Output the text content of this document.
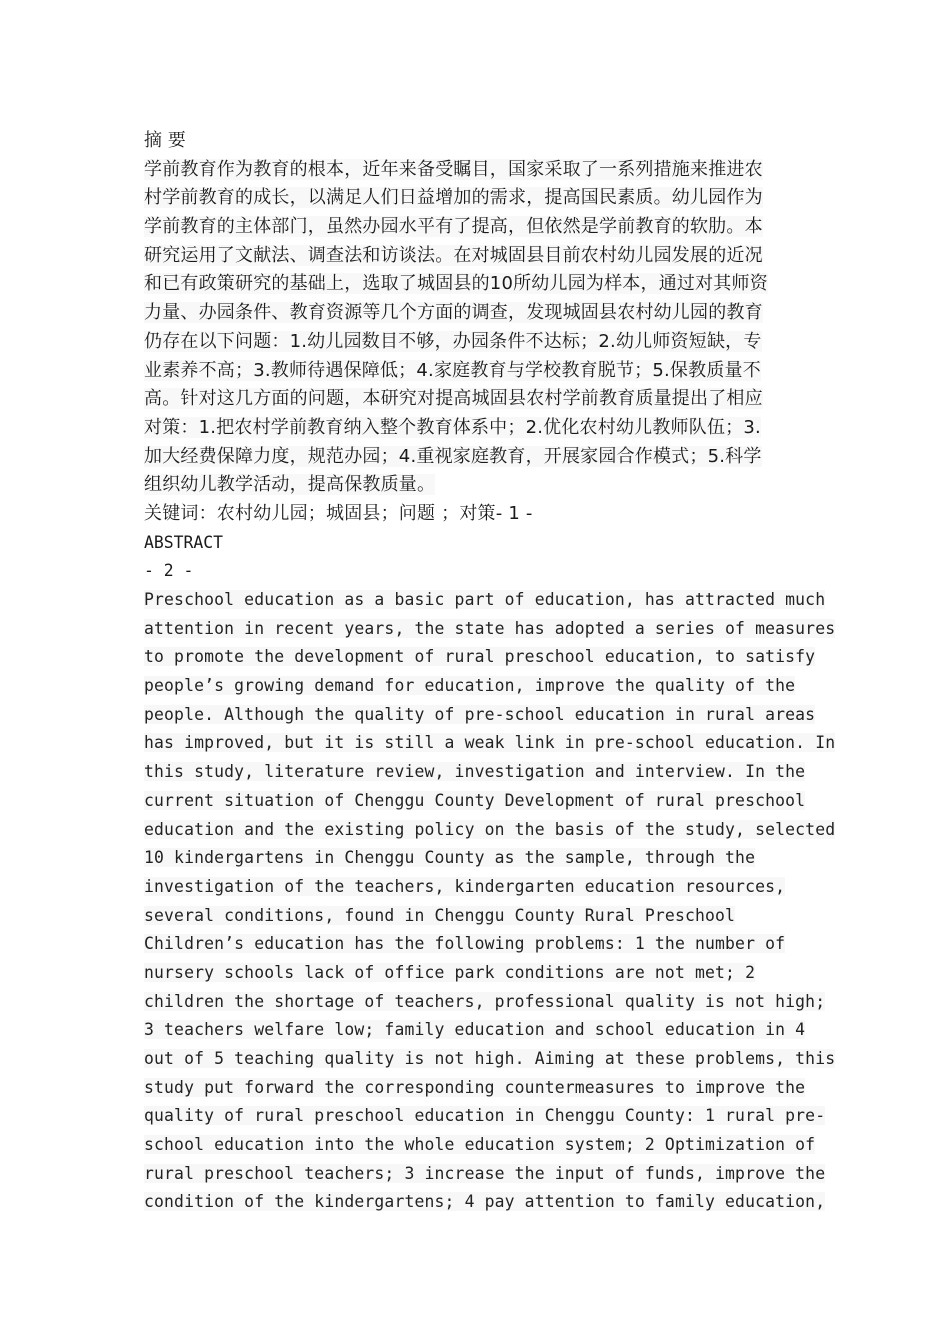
摘 要
学前教育作为教育的根本，近年来备受瞩目，国家采取了一系列措施来推进农
村学前教育的成长，以满足人们日益增加的需求，提高国民素质。幼儿园作为
学前教育的主体部门，虽然办园水平有了提高，但依然是学前教育的软肋。本
研究运用了文献法、调查法和访谈法。在对城固县目前农村幼儿园发展的近况
和已有政策研究的基础上，选取了城固县的10所幼儿园为样本，通过对其师资
力量、办园条件、教育资源等几个方面的调查，发现城固县农村幼儿园的教育
仍存在以下问题：1.幼儿园数目不够，办园条件不达标；2.幼儿师资短缺，专
业素养不高；3.教师待遇保障低；4.家庭教育与学校教育脱节；5.保教质量不
高。针对这几方面的问题，本研究对提高城固县农村学前教育质量提出了相应
对策：1.把农村学前教育纳入整个教育体系中；2.优化农村幼儿教师队伍；3.
加大经费保障力度，规范办园；4.重视家庭教育，开展家园合作模式；5.科学
组织幼儿教学活动，提高保教质量。
关键词：农村幼儿园；城固县；问题 ；对策- 1 -
ABSTRACT
- 2 -
Preschool education as a basic part of education, has attracted much
attention in recent years, the state has adopted a series of measures
to promote the development of rural preschool education, to satisfy
people’s growing demand for education, improve the quality of the
people. Although the quality of pre-school education in rural areas
has improved, but it is still a weak link in pre-school education. In
this study, literature review, investigation and interview. In the
current situation of Chenggu County Development of rural preschool
education and the existing policy on the basis of the study, selected
10 kindergartens in Chenggu County as the sample, through the
investigation of the teachers, kindergarten education resources,
several conditions, found in Chenggu County Rural Preschool
Children’s education has the following problems: 1 the number of
nursery schools lack of office park conditions are not met; 2
children the shortage of teachers, professional quality is not high;
3 teachers welfare low; family education and school education in 4
out of 5 teaching quality is not high. Aiming at these problems, this
study put forward the corresponding countermeasures to improve the
quality of rural preschool education in Chenggu County: 1 rural pre-
school education into the whole education system; 2 Optimization of
rural preschool teachers; 3 increase the input of funds, improve the
condition of the kindergartens; 4 pay attention to family education,
